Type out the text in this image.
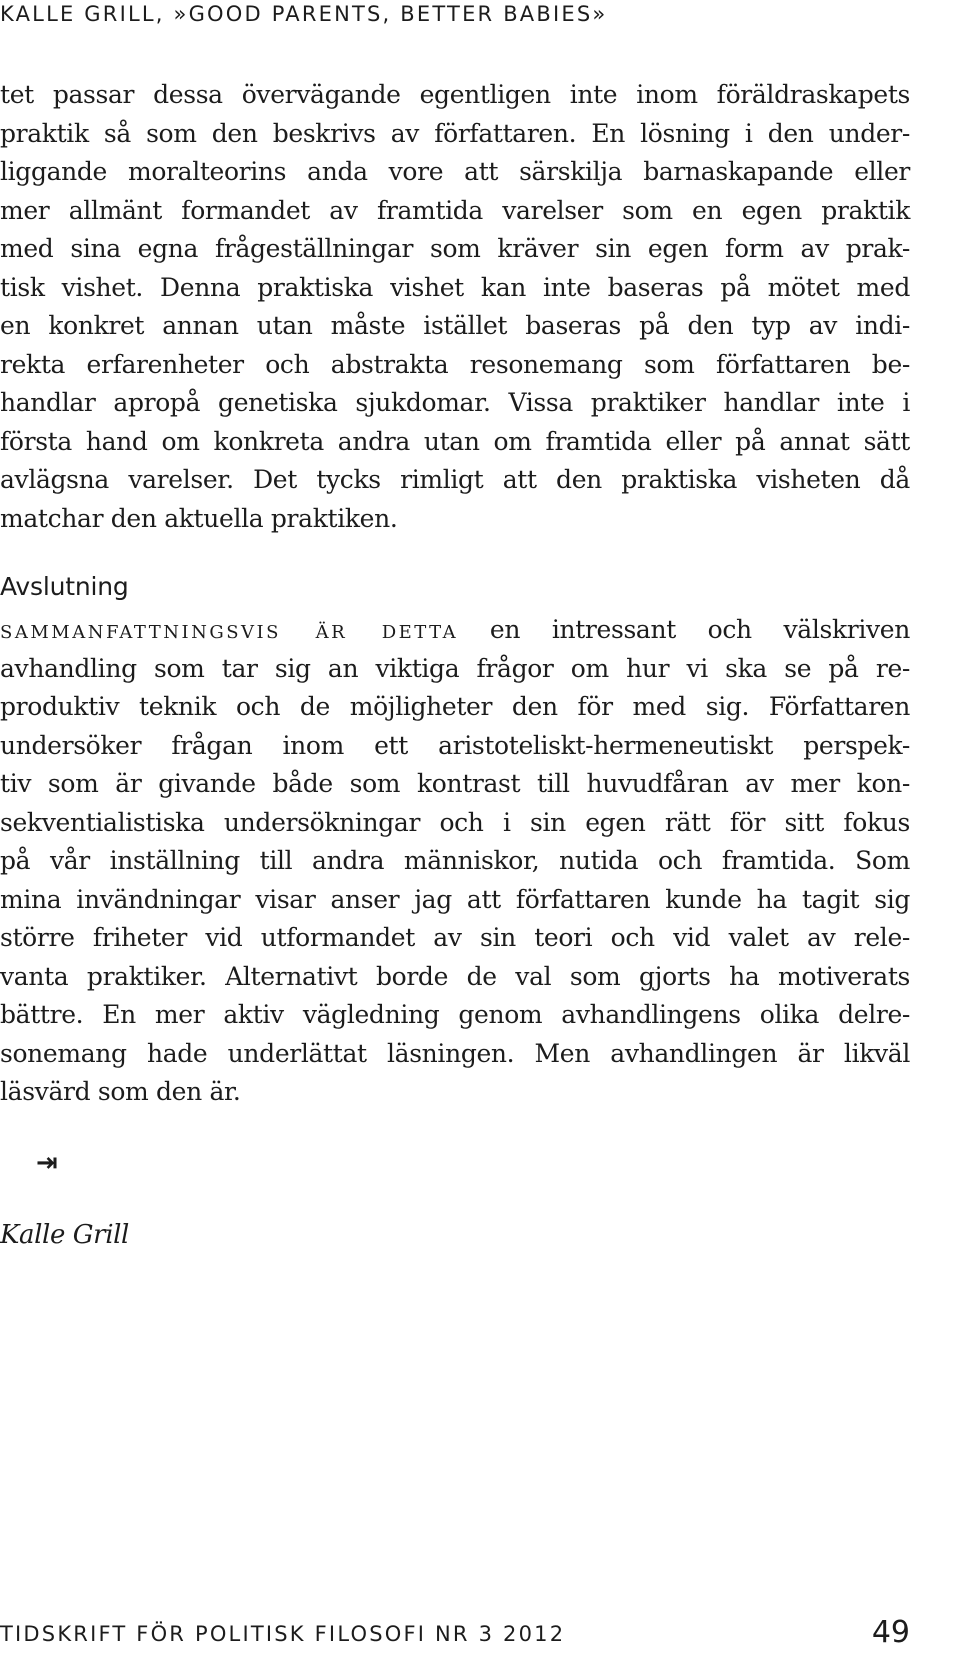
KALLE GRILL, »GOOD PARENTS, BETTER BABIES»
tet passar dessa övervägande egentligen inte inom föräldraskapets
praktik så som den beskrivs av författaren. En lösning i den under-
liggande moralteorins anda vore att särskilja barnaskapande eller
mer allmänt formandet av framtida varelser som en egen praktik
med sina egna frågeställningar som kräver sin egen form av prak-
tisk vishet. Denna praktiska vishet kan inte baseras på mötet med
en konkret annan utan måste istället baseras på den typ av indi-
rekta erfarenheter och abstrakta resonemang som författaren be-
handlar apropå genetiska sjukdomar. Vissa praktiker handlar inte i
första hand om konkreta andra utan om framtida eller på annat sätt
avlägsna varelser. Det tycks rimligt att den praktiska visheten då
matchar den aktuella praktiken.
Avslutning
sammanfattningsvis är detta en intressant och välskriven
avhandling som tar sig an viktiga frågor om hur vi ska se på re-
produktiv teknik och de möjligheter den för med sig. Författaren
undersöker frågan inom ett aristoteliskt-hermeneutiskt perspek-
tiv som är givande både som kontrast till huvudfåran av mer kon-
sekventialistiska undersökningar och i sin egen rätt för sitt fokus
på vår inställning till andra människor, nutida och framtida. Som
mina invändningar visar anser jag att författaren kunde ha tagit sig
större friheter vid utformandet av sin teori och vid valet av rele-
vanta praktiker. Alternativt borde de val som gjorts ha motiverats
bättre. En mer aktiv vägledning genom avhandlingens olika delre-
sonemang hade underlättat läsningen. Men avhandlingen är likväl
läsvärd som den är.
⇥
Kalle Grill
TIDSKRIFT FÖR POLITISK FILOSOFI NR 3 2012	49
